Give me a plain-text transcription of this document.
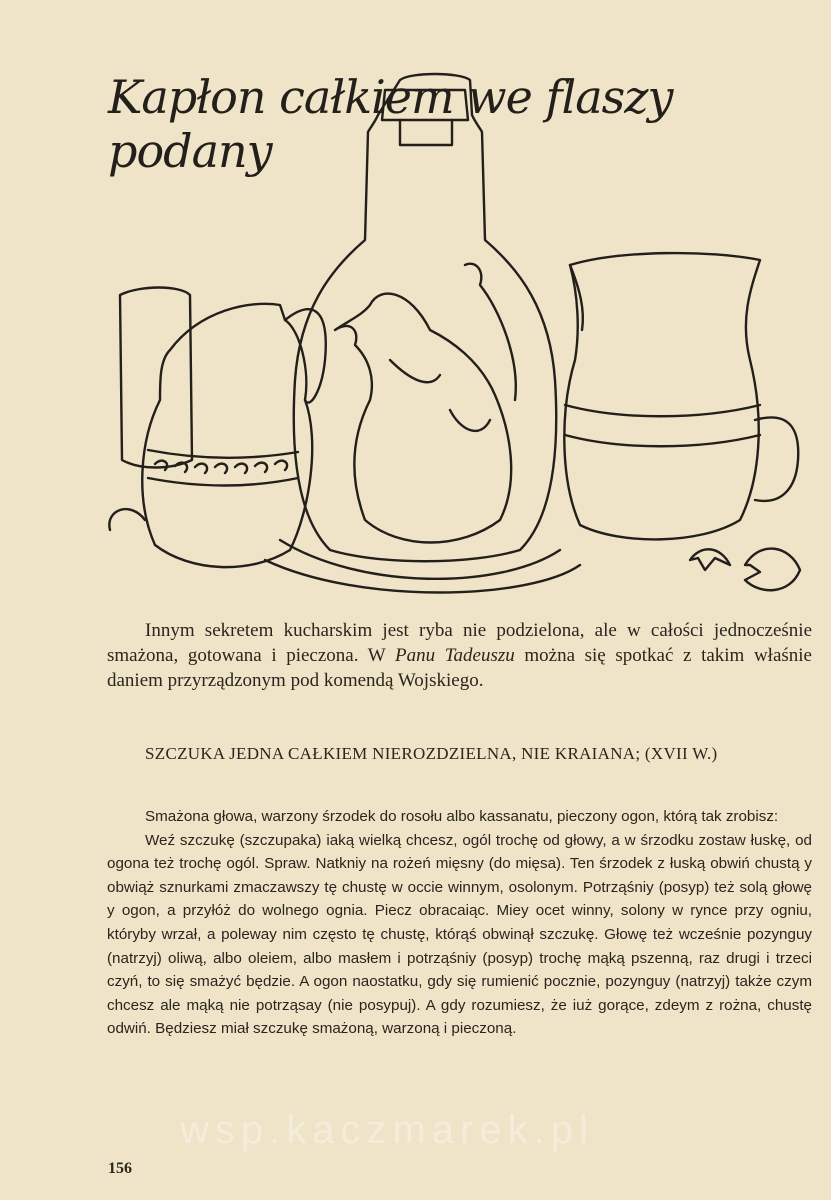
Kapłon całkiem we flaszy podany

Innym sekretem kucharskim jest ryba nie podzielona, ale w całości jednocześnie smażona, gotowana i pieczona. W Panu Tadeuszu można się spotkać z takim właśnie daniem przyrządzonym pod komendą Wojskiego.

SZCZUKA JEDNA CAŁKIEM NIEROZDZIELNA, NIE KRAIANA; (XVII W.)

Smażona głowa, warzony śrzodek do rosołu albo kassanatu, pieczony ogon, którą tak zrobisz:

Weź szczukę (szczupaka) iaką wielką chcesz, ogól trochę od głowy, a w śrzodku zostaw łuskę, od ogona też trochę ogól. Spraw. Natkniy na rożeń mięsny (do mięsa). Ten śrzodek z łuską obwiń chustą y obwiąż sznurkami zmaczawszy tę chustę w occie winnym, osolonym. Potrząśniy (posyp) też solą głowę y ogon, a przyłóż do wolnego ognia. Piecz obracaiąc. Miey ocet winny, solony w rynce przy ogniu, któryby wrzał, a poleway nim często tę chustę, którąś obwinął szczukę. Głowę też wcześnie pozynguy (natrzyj) oliwą, albo oleiem, albo masłem i potrząśniy (posyp) trochę mąką pszenną, raz drugi i trzeci czyń, to się smażyć będzie. A ogon naostatku, gdy się rumienić pocznie, pozynguy (natrzyj) także czym chcesz ale mąką nie potrząsay (nie posypuj). A gdy rozumiesz, że iuż gorące, zdeym z rożna, chustę odwiń. Będziesz miał szczukę smażoną, warzoną i pieczoną.

wsp.kaczmarek.pl
156
